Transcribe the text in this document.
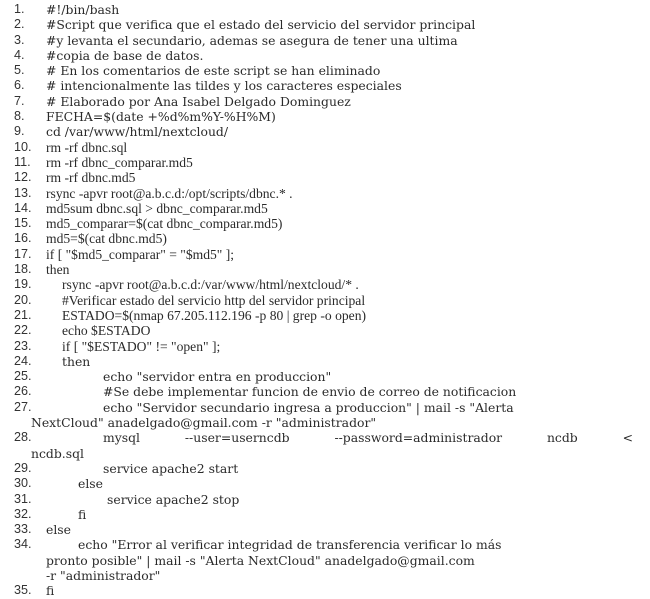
1. #!/bin/bash
2. #Script que verifica que el estado del servicio del servidor principal
3. #y levanta el secundario, ademas se asegura de tener una ultima
4. #copia de base de datos.
5. # En los comentarios de este script se han eliminado
6. # intencionalmente las tildes y los caracteres especiales
7. # Elaborado por Ana Isabel Delgado Dominguez
8. FECHA=$(date +%d%m%Y-%H%M)
9. cd /var/www/html/nextcloud/
10. rm -rf dbnc.sql
11. rm -rf dbnc_comparar.md5
12. rm -rf dbnc.md5
13. rsync -apvr root@a.b.c.d:/opt/scripts/dbnc.* .
14. md5sum dbnc.sql > dbnc_comparar.md5
15. md5_comparar=$(cat dbnc_comparar.md5)
16. md5=$(cat dbnc.md5)
17. if [ "$md5_comparar" = "$md5" ];
18. then
19. rsync -apvr root@a.b.c.d:/var/www/html/nextcloud/* .
20. #Verificar estado del servicio http del servidor principal
21. ESTADO=$(nmap 67.205.112.196 -p 80 | grep -o open)
22. echo $ESTADO
23. if [ "$ESTADO" != "open" ];
24. then
25.	echo "servidor entra en produccion"
26.	#Se debe implementar funcion de envio de correo de notificacion
27.	echo "Servidor secundario ingresa a produccion" | mail -s "Alerta
NextCloud" anadelgado@gmail.com -r "administrador"
28.	mysql	--user=userncdb	--password=administrador	ncdb	<
ncdb.sql
29.	service apache2 start
30.	else
31.	service apache2 stop
32.	fi
33. else
34.	echo "Error al verificar integridad de transferencia verificar lo más
pronto posible" | mail -s "Alerta NextCloud" anadelgado@gmail.com
-r "administrador"
35. fi
